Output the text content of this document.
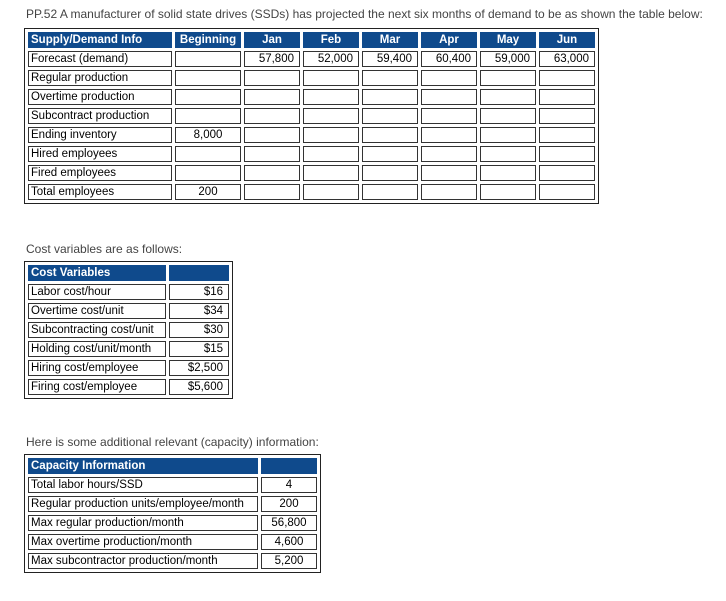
PP.52 A manufacturer of solid state drives (SSDs) has projected the next six months of demand to be as shown the table below:
Supply/Demand Info	Beginning	Jan	Feb	Mar	Apr	May	Jun
Forecast (demand)		57,800	52,000	59,400	60,400	59,000	63,000
Regular production							
Overtime production							
Subcontract production							
Ending inventory	8,000						
Hired employees							
Fired employees							
Total employees	200						
Cost variables are as follows:
Cost Variables	
Labor cost/hour	$16
Overtime cost/unit	$34
Subcontracting cost/unit	$30
Holding cost/unit/month	$15
Hiring cost/employee	$2,500
Firing cost/employee	$5,600
Here is some additional relevant (capacity) information:
Capacity Information	
Total labor hours/SSD	4
Regular production units/employee/month	200
Max regular production/month	56,800
Max overtime production/month	4,600
Max subcontractor production/month	5,200
